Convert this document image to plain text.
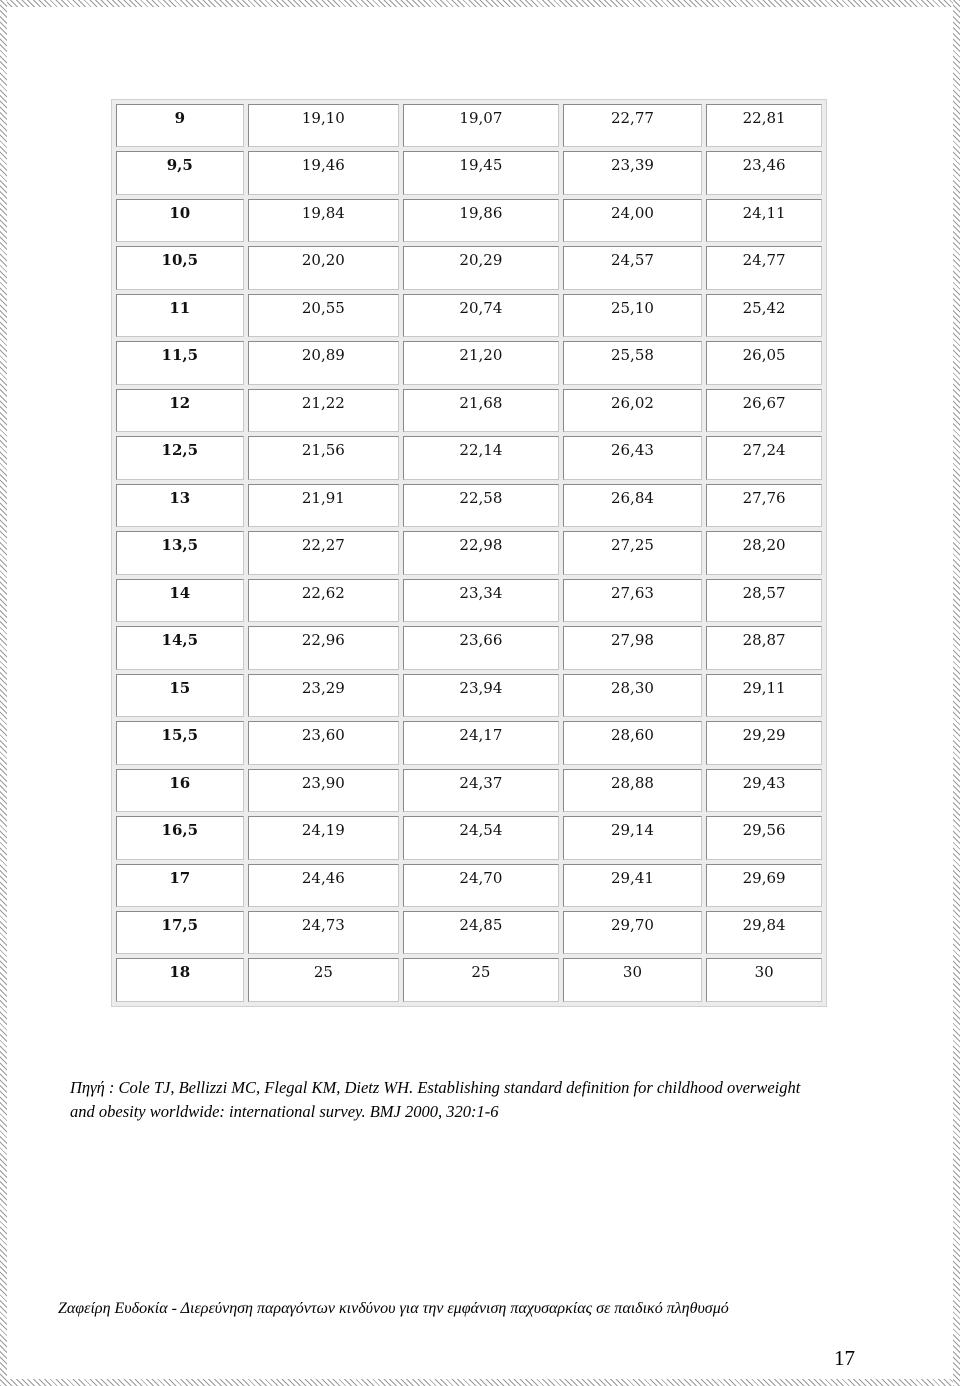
9	19,10	19,07	22,77	22,81
9,5	19,46	19,45	23,39	23,46
10	19,84	19,86	24,00	24,11
10,5	20,20	20,29	24,57	24,77
11	20,55	20,74	25,10	25,42
11,5	20,89	21,20	25,58	26,05
12	21,22	21,68	26,02	26,67
12,5	21,56	22,14	26,43	27,24
13	21,91	22,58	26,84	27,76
13,5	22,27	22,98	27,25	28,20
14	22,62	23,34	27,63	28,57
14,5	22,96	23,66	27,98	28,87
15	23,29	23,94	28,30	29,11
15,5	23,60	24,17	28,60	29,29
16	23,90	24,37	28,88	29,43
16,5	24,19	24,54	29,14	29,56
17	24,46	24,70	29,41	29,69
17,5	24,73	24,85	29,70	29,84
18	25	25	30	30

Πηγή : Cole TJ, Bellizzi MC, Flegal KM, Dietz WH. Establishing standard definition for childhood overweight
and obesity worldwide: international survey. BMJ 2000, 320:1-6

Ζαφείρη Ευδοκία - Διερεύνηση παραγόντων κινδύνου για την εμφάνιση παχυσαρκίας σε παιδικό πληθυσμό

17
